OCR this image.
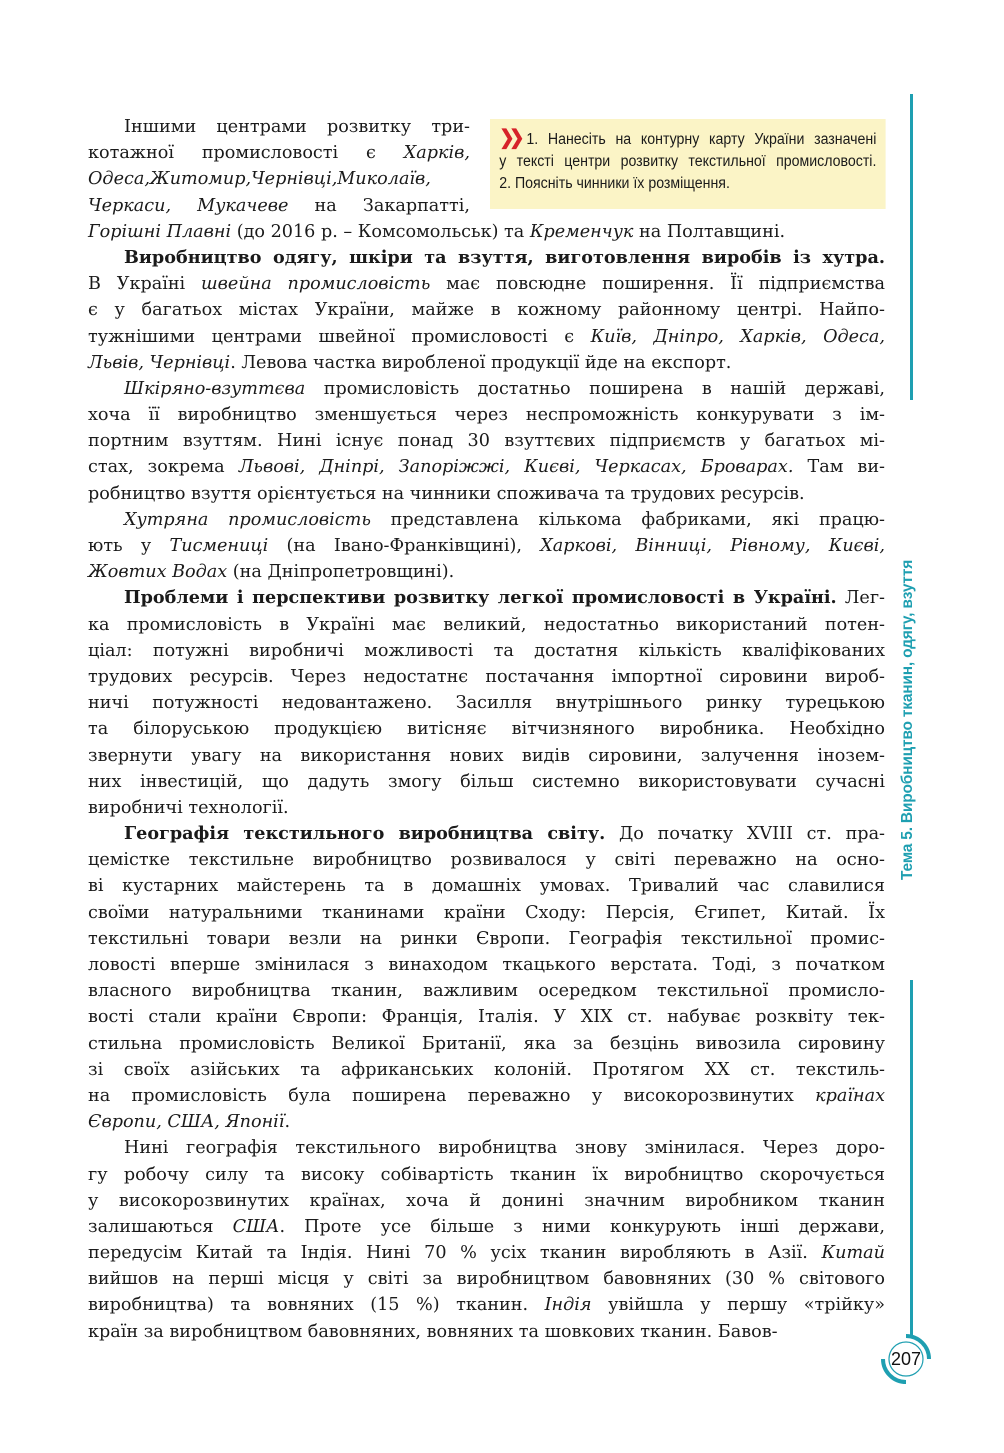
Іншими центрами розвитку три-
котажної промисловості є Харків,
Одеса,Житомир,Чернівці,Миколаїв,
Черкаси, Мукачеве на Закарпатті,
Горішні Плавні (до 2016 р. – Комсомольськ) та Кременчук на Полтавщині.
Виробництво одягу, шкіри та взуття, виготовлення виробів із хутра.
В Україні швейна промисловість має повсюдне поширення. Її підприємства
є у багатьох містах України, майже в кожному районному центрі. Найпо-
тужнішими центрами швейної промисловості є Київ, Дніпро, Харків, Одеса,
Львів, Чернівці. Левова частка виробленої продукції йде на експорт.
Шкіряно-взуттєва промисловість достатньо поширена в нашій державі,
хоча її виробництво зменшується через неспроможність конкурувати з ім-
портним взуттям. Нині існує понад 30 взуттєвих підприємств у багатьох мі-
стах, зокрема Львові, Дніпрі, Запоріжжі, Києві, Черкасах, Броварах. Там ви-
робництво взуття орієнтується на чинники споживача та трудових ресурсів.
Хутряна промисловість представлена кількома фабриками, які працю-
ють у Тисмениці (на Івано-Франківщині), Харкові, Вінниці, Рівному, Києві,
Жовтих Водах (на Дніпропетровщині).
Проблеми і перспективи розвитку легкої промисловості в Україні. Лег-
ка промисловість в Україні має великий, недостатньо використаний потен-
ціал: потужні виробничі можливості та достатня кількість кваліфікованих
трудових ресурсів. Через недостатнє постачання імпортної сировини вироб-
ничі потужності недовантажено. Засилля внутрішнього ринку турецькою
та білоруською продукцією витісняє вітчизняного виробника. Необхідно
звернути увагу на використання нових видів сировини, залучення інозем-
них інвестицій, що дадуть змогу більш системно використовувати сучасні
виробничі технології.
Географія текстильного виробництва світу. До початку XVIII ст. пра-
цемістке текстильне виробництво розвивалося у світі переважно на осно-
ві кустарних майстерень та в домашніх умовах. Тривалий час славилися
своїми натуральними тканинами країни Сходу: Персія, Єгипет, Китай. Їх
текстильні товари везли на ринки Європи. Географія текстильної промис-
ловості вперше змінилася з винаходом ткацького верстата. Тоді, з початком
власного виробництва тканин, важливим осередком текстильної промисло-
вості стали країни Європи: Франція, Італія. У XIX ст. набуває розквіту тек-
стильна промисловість Великої Британії, яка за безцінь вивозила сировину
зі своїх азійських та африканських колоній. Протягом XX ст. текстиль-
на промисловість була поширена переважно у високорозвинутих країнах
Європи, США, Японії.
Нині географія текстильного виробництва знову змінилася. Через доро-
гу робочу силу та високу собівартість тканин їх виробництво скорочується
у високорозвинутих країнах, хоча й донині значним виробником тканин
залишаються США. Проте усе більше з ними конкурують інші держави,
передусім Китай та Індія. Нині 70 % усіх тканин виробляють в Азії. Китай
вийшов на перші місця у світі за виробництвом бавовняних (30 % світового
виробництва) та вовняних (15 %) тканин. Індія увійшла у першу «трійку»
країн за виробництвом бавовняних, вовняних та шовкових тканин. Бавов-
❯❯ 1. Нанесіть на контурну карту України зазначені
у тексті центри розвитку текстильної промисловості.
2. Поясніть чинники їх розміщення.
Тема 5. Виробництво тканин, одягу, взуття
207
